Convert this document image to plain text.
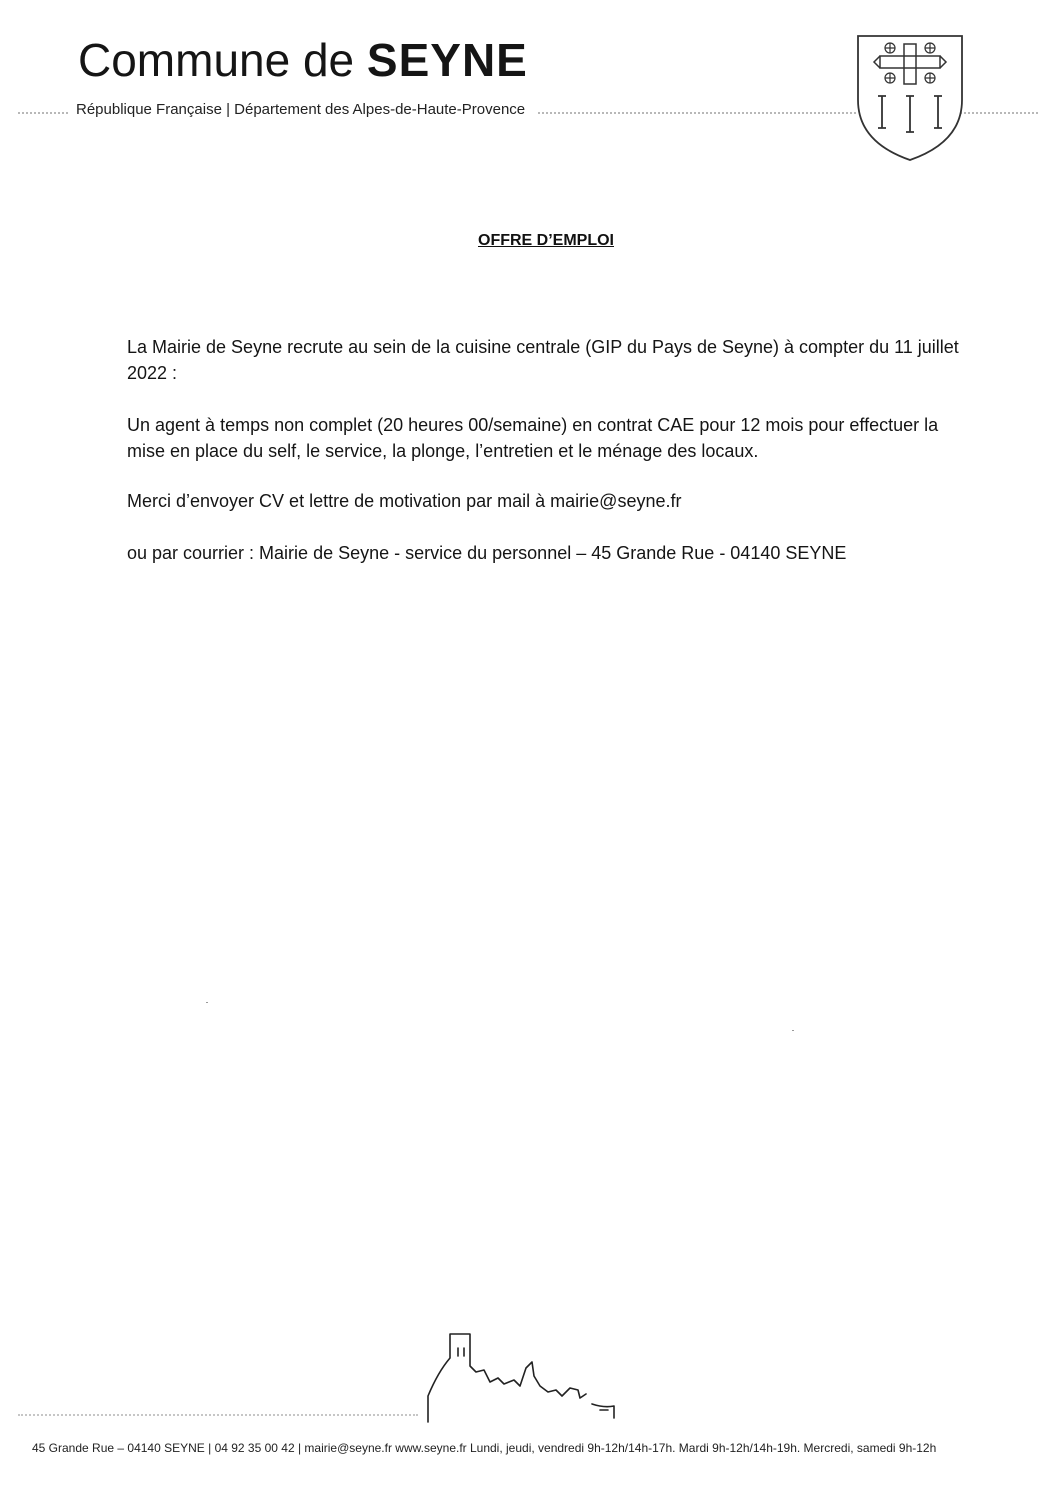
Commune de SEYNE
République Française | Département des Alpes-de-Haute-Provence
OFFRE D’EMPLOI
La Mairie de Seyne recrute au sein de la cuisine centrale (GIP du Pays de Seyne) à compter du 11 juillet 2022 :
Un agent à temps non complet (20 heures 00/semaine) en contrat CAE pour 12 mois pour effectuer la mise en place du self, le service, la plonge, l’entretien et le ménage des locaux.
Merci d’envoyer CV et lettre de motivation par mail à mairie@seyne.fr
ou par courrier : Mairie de Seyne - service du personnel – 45 Grande Rue - 04140 SEYNE
45 Grande Rue – 04140 SEYNE | 04 92 35 00 42 | mairie@seyne.fr www.seyne.fr Lundi, jeudi, vendredi 9h-12h/14h-17h. Mardi 9h-12h/14h-19h. Mercredi, samedi 9h-12h
